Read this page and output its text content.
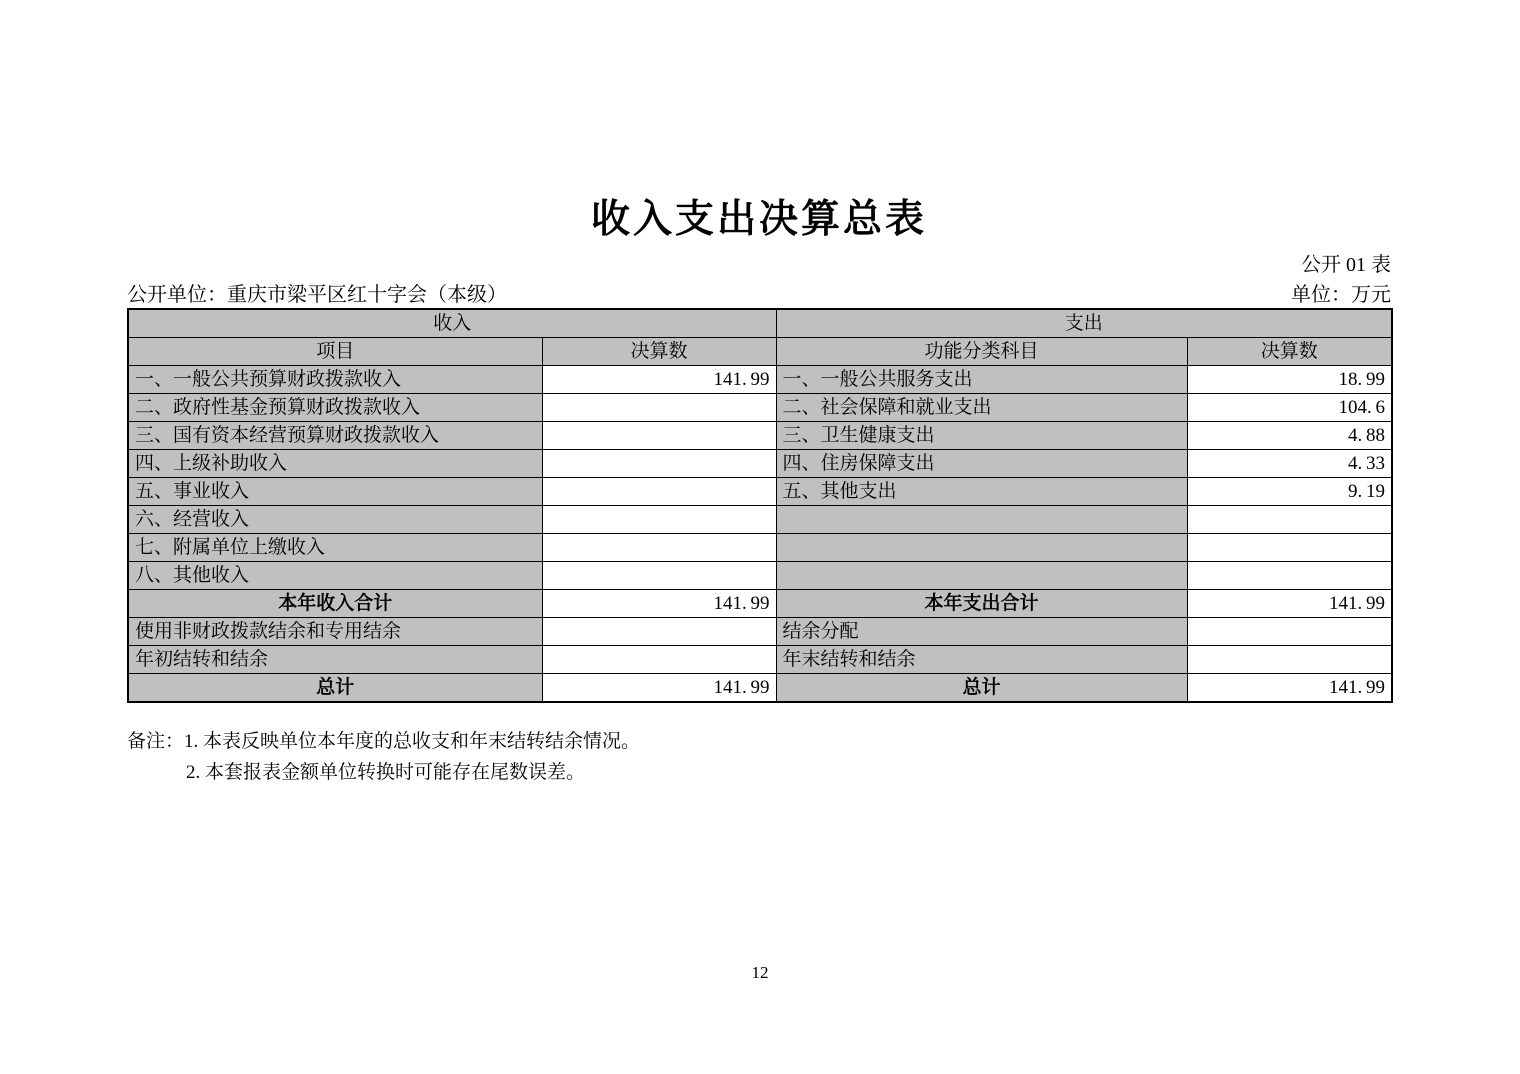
收入支出决算总表
公开 01 表
公开单位：重庆市梁平区红十字会（本级）	单位：万元
收入		支出	
项目	决算数	功能分类科目	决算数
一、一般公共预算财政拨款收入	141. 99	一、一般公共服务支出	18. 99
二、政府性基金预算财政拨款收入		二、社会保障和就业支出	104. 6
三、国有资本经营预算财政拨款收入		三、卫生健康支出	4. 88
四、上级补助收入		四、住房保障支出	4. 33
五、事业收入		五、其他支出	9. 19
六、经营收入			
七、附属单位上缴收入			
八、其他收入			
本年收入合计	141. 99	本年支出合计	141. 99
使用非财政拨款结余和专用结余		结余分配	
年初结转和结余		年末结转和结余	
总计	141. 99	总计	141. 99
备注：1. 本表反映单位本年度的总收支和年末结转结余情况。
2. 本套报表金额单位转换时可能存在尾数误差。
12
